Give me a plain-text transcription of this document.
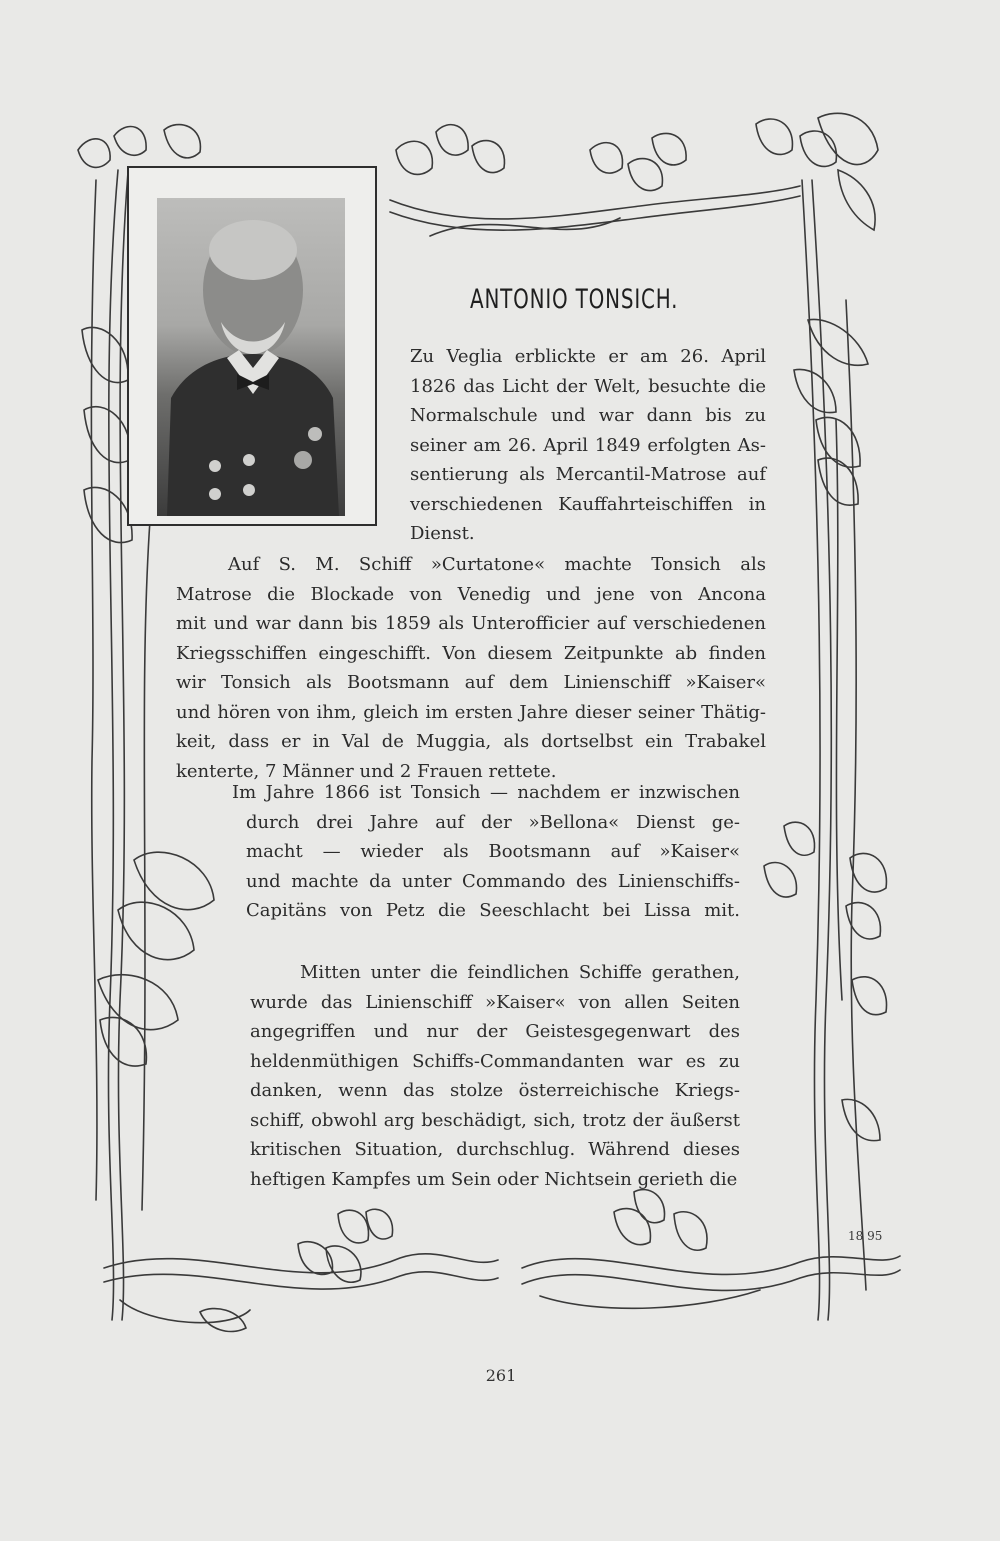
18 95
ANTONIO TONSICH.
Zu Veglia erblickte er am 26. April
1826 das Licht der Welt, besuchte die
Normalschule und war dann bis zu
seiner am 26. April 1849 erfolgten As-
sentierung als Mercantil-Matrose auf
verschiedenen Kauffahrteischiffen in
Dienst.
Auf S. M. Schiff »Curtatone« machte Tonsich als
Matrose die Blockade von Venedig und jene von Ancona
mit und war dann bis 1859 als Unterofficier auf verschiedenen
Kriegsschiffen eingeschifft. Von diesem Zeitpunkte ab finden
wir Tonsich als Bootsmann auf dem Linienschiff »Kaiser«
und hören von ihm, gleich im ersten Jahre dieser seiner Thätig-
keit, dass er in Val de Muggia, als dortselbst ein Trabakel
kenterte, 7 Männer und 2 Frauen rettete.
Im Jahre 1866 ist Tonsich — nachdem er inzwischen
durch drei Jahre auf der »Bellona« Dienst ge-
macht — wieder als Bootsmann auf »Kaiser«
und machte da unter Commando des Linienschiffs-
Capitäns von Petz die Seeschlacht bei Lissa mit.
Mitten unter die feindlichen Schiffe gerathen,
wurde das Linienschiff »Kaiser« von allen Seiten
angegriffen und nur der Geistesgegenwart des
heldenmüthigen Schiffs-Commandanten war es zu
danken, wenn das stolze österreichische Kriegs-
schiff, obwohl arg beschädigt, sich, trotz der äußerst
kritischen Situation, durchschlug. Während dieses
heftigen Kampfes um Sein oder Nichtsein gerieth die
261
